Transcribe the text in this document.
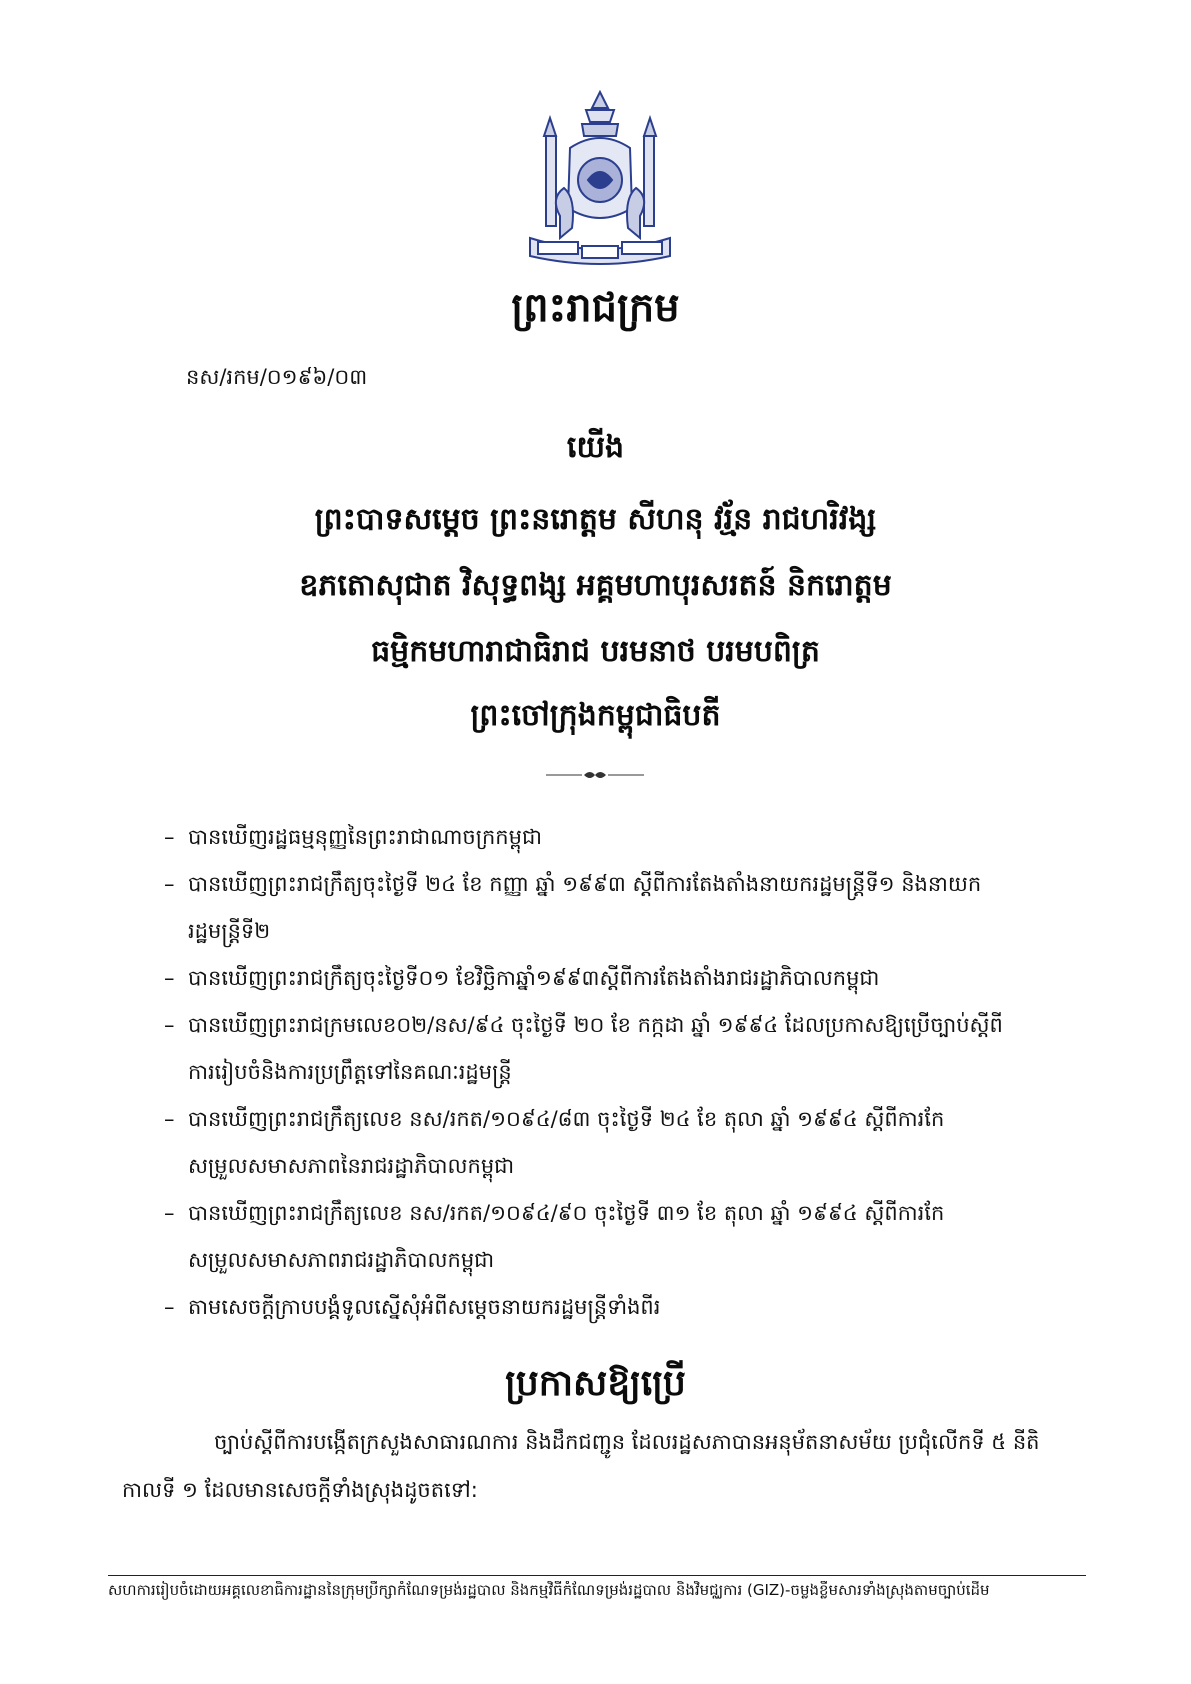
ព្រះរាជក្រម
នស/រកម/០១៩៦/០៣
យើង
ព្រះបាទសម្ដេច ព្រះនរោត្ដម សីហនុ វរ្ម័ន រាជហរិវង្ស
ឧភតោសុជាត វិសុទ្ធពង្ស អគ្គមហាបុរសរតន៍ និករោត្ដម
ធម្មិកមហារាជាធិរាជ បរមនាថ បរមបពិត្រ
ព្រះចៅក្រុងកម្ពុជាធិបតី
– បានឃើញរដ្ឋធម្មនុញ្ញនៃព្រះរាជាណាចក្រកម្ពុជា
– បានឃើញព្រះរាជក្រឹត្យចុះថ្ងៃទី ២៤ ខែ កញ្ញា ឆ្នាំ ១៩៩៣ ស្ដីពីការតែងតាំងនាយករដ្ឋមន្ដ្រីទី១ និងនាយក
រដ្ឋមន្ដ្រីទី២
– បានឃើញព្រះរាជក្រឹត្យចុះថ្ងៃទី០១ ខែវិច្ឆិកាឆ្នាំ១៩៩៣ស្ដីពីការតែងតាំងរាជរដ្ឋាភិបាលកម្ពុជា
– បានឃើញព្រះរាជក្រមលេខ០២/នស/៩៤ ចុះថ្ងៃទី ២០ ខែ កក្កដា ឆ្នាំ ១៩៩៤ ដែលប្រកាសឱ្យប្រើច្បាប់ស្ដីពី
ការរៀបចំនិងការប្រព្រឹត្ដទៅនៃគណៈរដ្ឋមន្ដ្រី
– បានឃើញព្រះរាជក្រឹត្យលេខ នស/រកត/១០៩៤/៨៣ ចុះថ្ងៃទី ២៤ ខែ តុលា ឆ្នាំ ១៩៩៤ ស្ដីពីការកែ
សម្រួលសមាសភាពនៃរាជរដ្ឋាភិបាលកម្ពុជា
– បានឃើញព្រះរាជក្រឹត្យលេខ នស/រកត/១០៩៤/៩០ ចុះថ្ងៃទី ៣១ ខែ តុលា ឆ្នាំ ១៩៩៤ ស្ដីពីការកែ
សម្រួលសមាសភាពរាជរដ្ឋាភិបាលកម្ពុជា
– តាមសេចក្ដីក្រាបបង្គំទូលស្នើសុំអំពីសម្ដេចនាយករដ្ឋមន្ដ្រីទាំងពីរ
ប្រកាសឱ្យប្រើ
ច្បាប់ស្ដីពីការបង្កើតក្រសួងសាធារណការ និងដឹកជញ្ជូន ដែលរដ្ឋសភាបានអនុម័តនាសម័យ ប្រជុំលើកទី ៥ នីតិកាលទី ១ ដែលមានសេចក្ដីទាំងស្រុងដូចតទៅ:
សហការរៀបចំដោយអគ្គលេខាធិការដ្ឋាននៃក្រុមប្រឹក្សាកំណែទម្រង់រដ្ឋបាល និងកម្មវិធីកំណែទម្រង់រដ្ឋបាល និងវិមជ្ឈការ (GIZ)-ចម្លងខ្លឹមសារទាំងស្រុងតាមច្បាប់ដើម
